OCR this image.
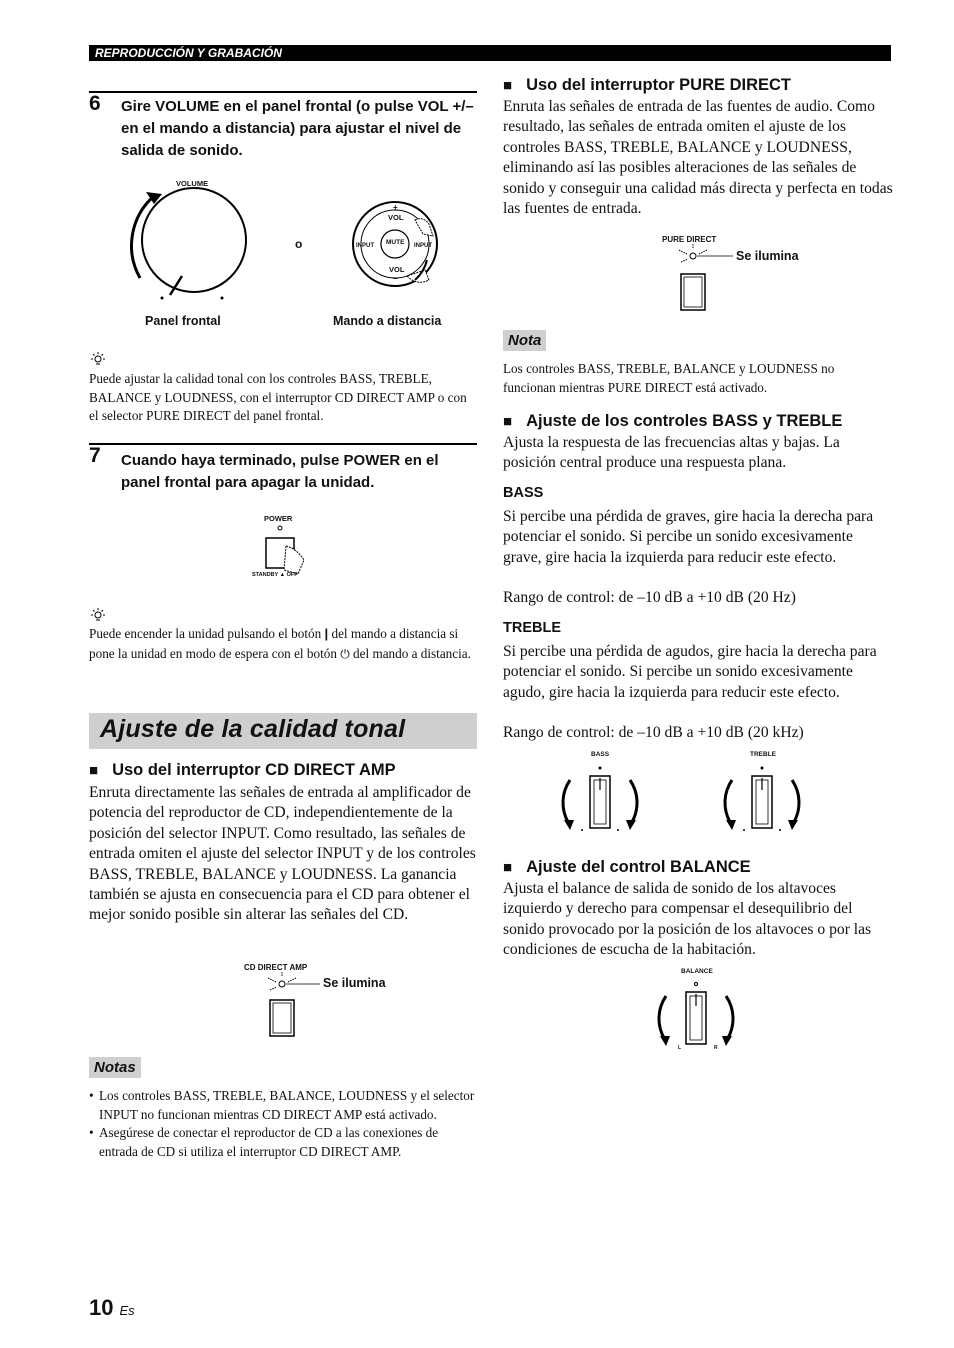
REPRODUCCIÓN Y GRABACIÓN
6 Gire VOLUME en el panel frontal (o pulse VOL +/– en el mando a distancia) para ajustar el nivel de salida de sonido.
VOLUME
o
+
VOL
MUTE
INPUT	INPUT
VOL
–
Panel frontal	Mando a distancia
Puede ajustar la calidad tonal con los controles BASS, TREBLE, BALANCE y LOUDNESS, con el interruptor CD DIRECT AMP o con el selector PURE DIRECT del panel frontal.
7 Cuando haya terminado, pulse POWER en el panel frontal para apagar la unidad.
POWER
STANDBY ▲ OFF
Puede encender la unidad pulsando el botón | del mando a distancia si pone la unidad en modo de espera con el botón ⏻ del mando a distancia.
Ajuste de la calidad tonal
■ Uso del interruptor CD DIRECT AMP
Enruta directamente las señales de entrada al amplificador de potencia del reproductor de CD, independientemente de la posición del selector INPUT. Como resultado, las señales de entrada omiten el ajuste del selector INPUT y de los controles BASS, TREBLE, BALANCE y LOUDNESS. La ganancia también se ajusta en consecuencia para el CD para obtener el mejor sonido posible sin alterar las señales del CD.
CD DIRECT AMP
Se ilumina
Notas
• Los controles BASS, TREBLE, BALANCE, LOUDNESS y el selector INPUT no funcionan mientras CD DIRECT AMP está activado.
• Asegúrese de conectar el reproductor de CD a las conexiones de entrada de CD si utiliza el interruptor CD DIRECT AMP.
■ Uso del interruptor PURE DIRECT
Enruta las señales de entrada de las fuentes de audio. Como resultado, las señales de entrada omiten el ajuste de los controles BASS, TREBLE, BALANCE y LOUDNESS, eliminando así las posibles alteraciones de las señales de sonido y conseguir una calidad más directa y perfecta en todas las fuentes de entrada.
PURE DIRECT
Se ilumina
Nota
Los controles BASS, TREBLE, BALANCE y LOUDNESS no funcionan mientras PURE DIRECT está activado.
■ Ajuste de los controles BASS y TREBLE
Ajusta la respuesta de las frecuencias altas y bajas. La posición central produce una respuesta plana.
BASS
Si percibe una pérdida de graves, gire hacia la derecha para potenciar el sonido. Si percibe un sonido excesivamente grave, gire hacia la izquierda para reducir este efecto.
Rango de control: de –10 dB a +10 dB (20 Hz)
TREBLE
Si percibe una pérdida de agudos, gire hacia la derecha para potenciar el sonido. Si percibe un sonido excesivamente agudo, gire hacia la izquierda para reducir este efecto.
Rango de control: de –10 dB a +10 dB (20 kHz)
BASS	TREBLE
■ Ajuste del control BALANCE
Ajusta el balance de salida de sonido de los altavoces izquierdo y derecho para compensar el desequilibrio del sonido provocado por la posición de los altavoces o por las condiciones de escucha de la habitación.
BALANCE
L	R
10 Es
